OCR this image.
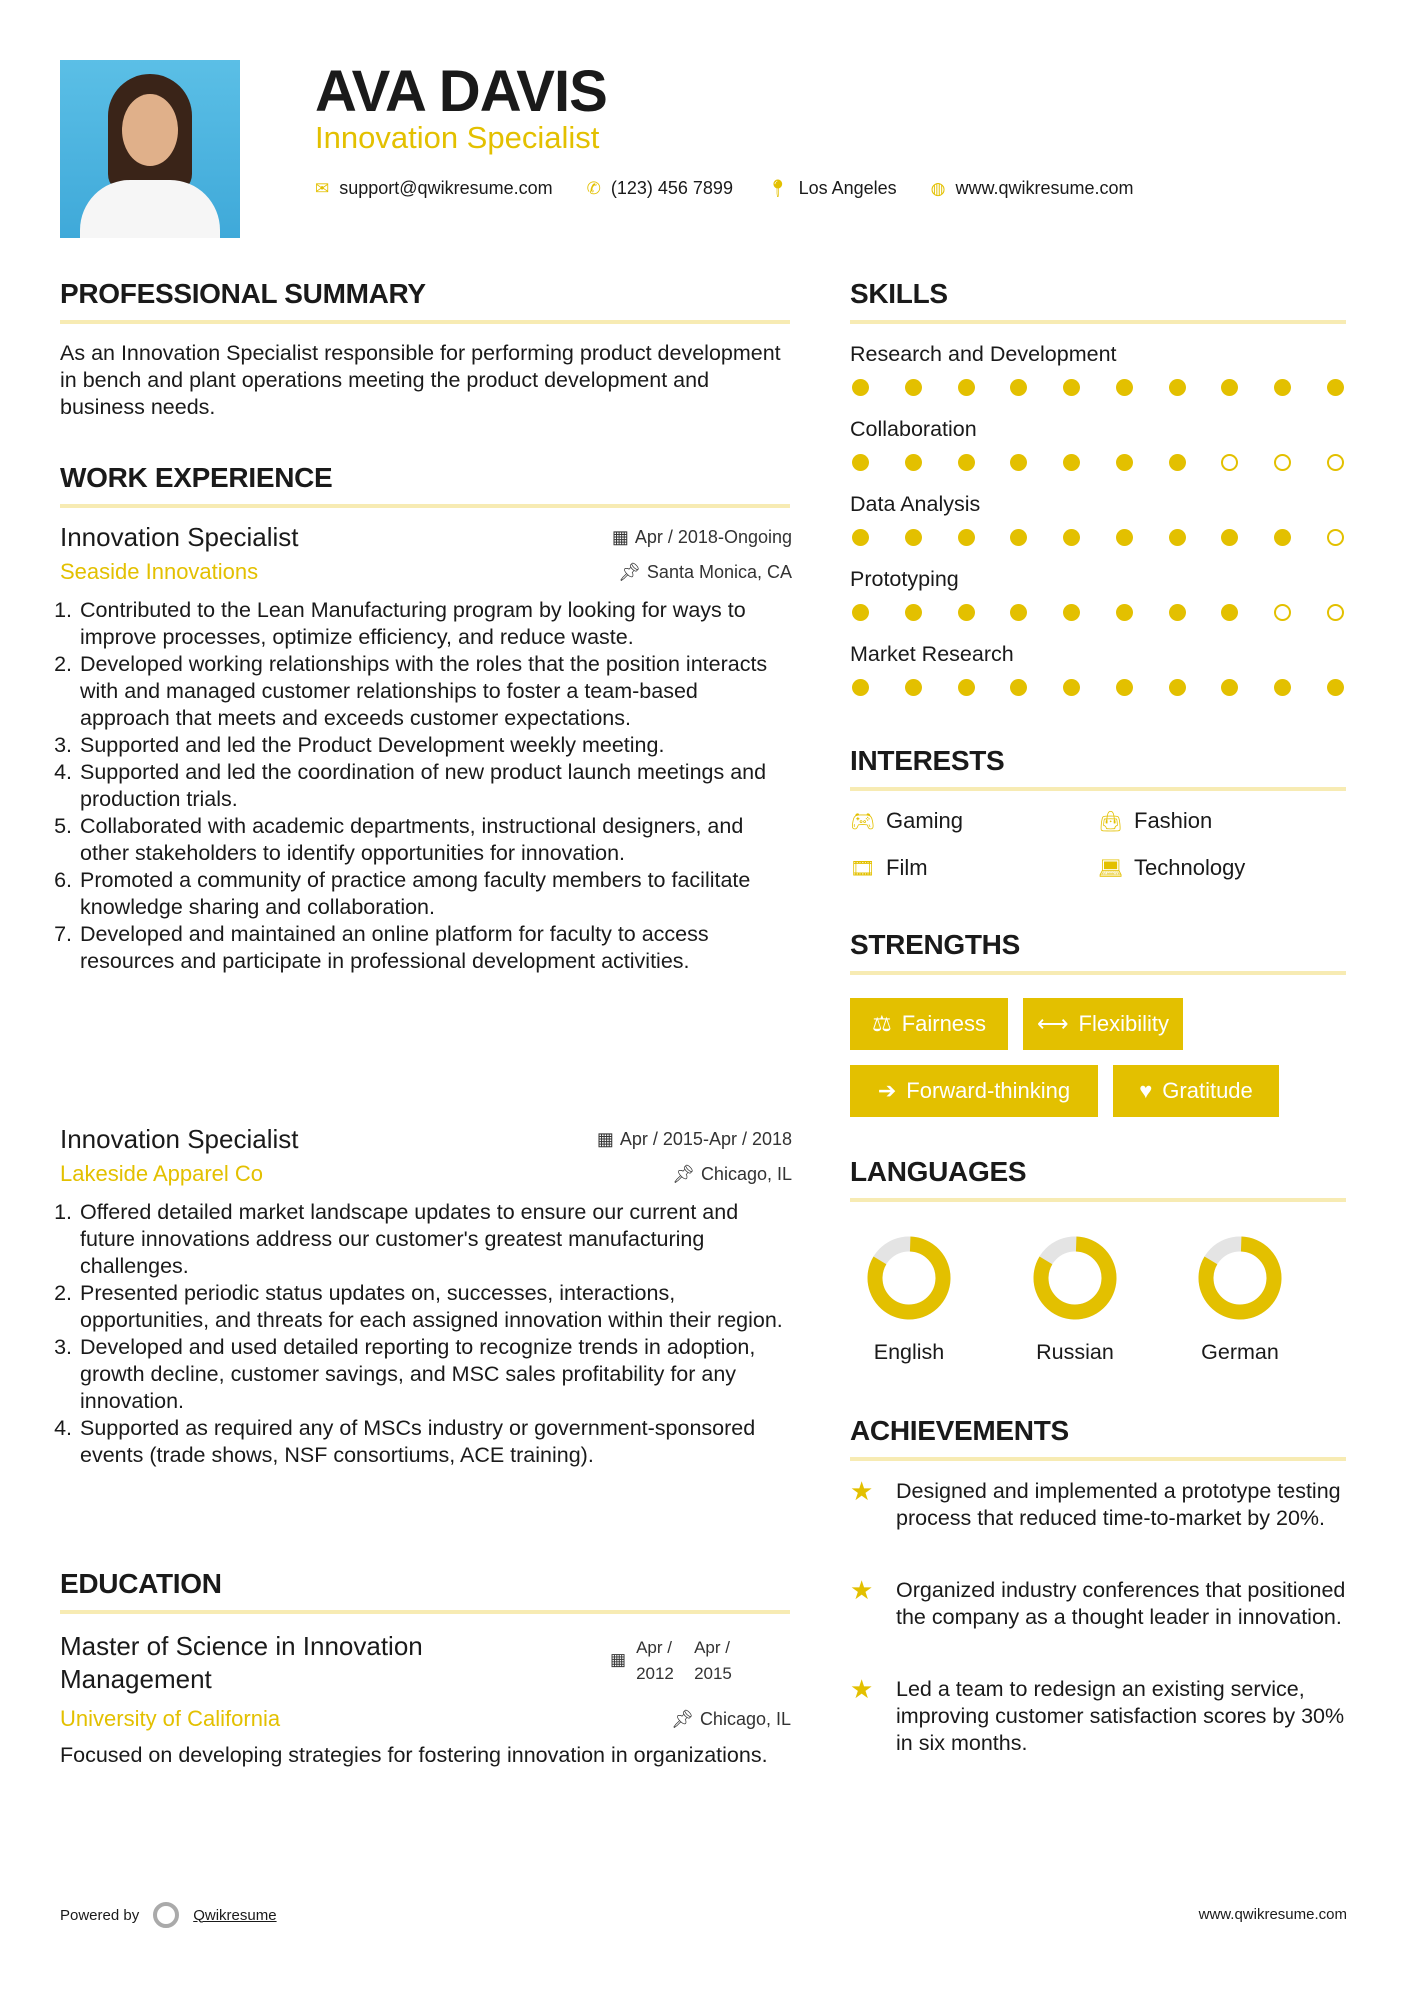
AVA DAVIS
Innovation Specialist
✉ support@qwikresume.com ✆ (123) 456 7899 📍︎ Los Angeles ◍ www.qwikresume.com
PROFESSIONAL SUMMARY
As an Innovation Specialist responsible for performing product development in bench and plant operations meeting the product development and business needs.
WORK EXPERIENCE
Innovation Specialist	▦ Apr / 2018-Ongoing
Seaside Innovations	📌︎ Santa Monica, CA
1. Contributed to the Lean Manufacturing program by looking for ways to improve processes, optimize efficiency, and reduce waste.
2. Developed working relationships with the roles that the position interacts with and managed customer relationships to foster a team-based approach that meets and exceeds customer expectations.
3. Supported and led the Product Development weekly meeting.
4. Supported and led the coordination of new product launch meetings and production trials.
5. Collaborated with academic departments, instructional designers, and other stakeholders to identify opportunities for innovation.
6. Promoted a community of practice among faculty members to facilitate knowledge sharing and collaboration.
7. Developed and maintained an online platform for faculty to access resources and participate in professional development activities.
Innovation Specialist	▦ Apr / 2015-Apr / 2018
Lakeside Apparel Co	📌︎ Chicago, IL
1. Offered detailed market landscape updates to ensure our current and future innovations address our customer's greatest manufacturing challenges.
2. Presented periodic status updates on, successes, interactions, opportunities, and threats for each assigned innovation within their region.
3. Developed and used detailed reporting to recognize trends in adoption, growth decline, customer savings, and MSC sales profitability for any innovation.
4. Supported as required any of MSCs industry or government-sponsored events (trade shows, NSF consortiums, ACE training).
EDUCATION
Master of Science in Innovation Management
▦
Apr / 2012
Apr / 2015
University of California	📌︎ Chicago, IL
Focused on developing strategies for fostering innovation in organizations.
Powered by	Qwikresume	www.qwikresume.com
SKILLS
Research and Development
Collaboration
Data Analysis
Prototyping
Market Research
INTERESTS
🎮︎ Gaming	👜︎ Fashion
🎞︎ Film	💻︎ Technology
STRENGTHS
⚖ Fairness ⟷ Flexibility
➔ Forward-thinking	♥ Gratitude
LANGUAGES
English	Russian	German
ACHIEVEMENTS
★	Designed and implemented a prototype testing process that reduced time-to-market by 20%.
★	Organized industry conferences that positioned the company as a thought leader in innovation.
★	Led a team to redesign an existing service, improving customer satisfaction scores by 30% in six months.
